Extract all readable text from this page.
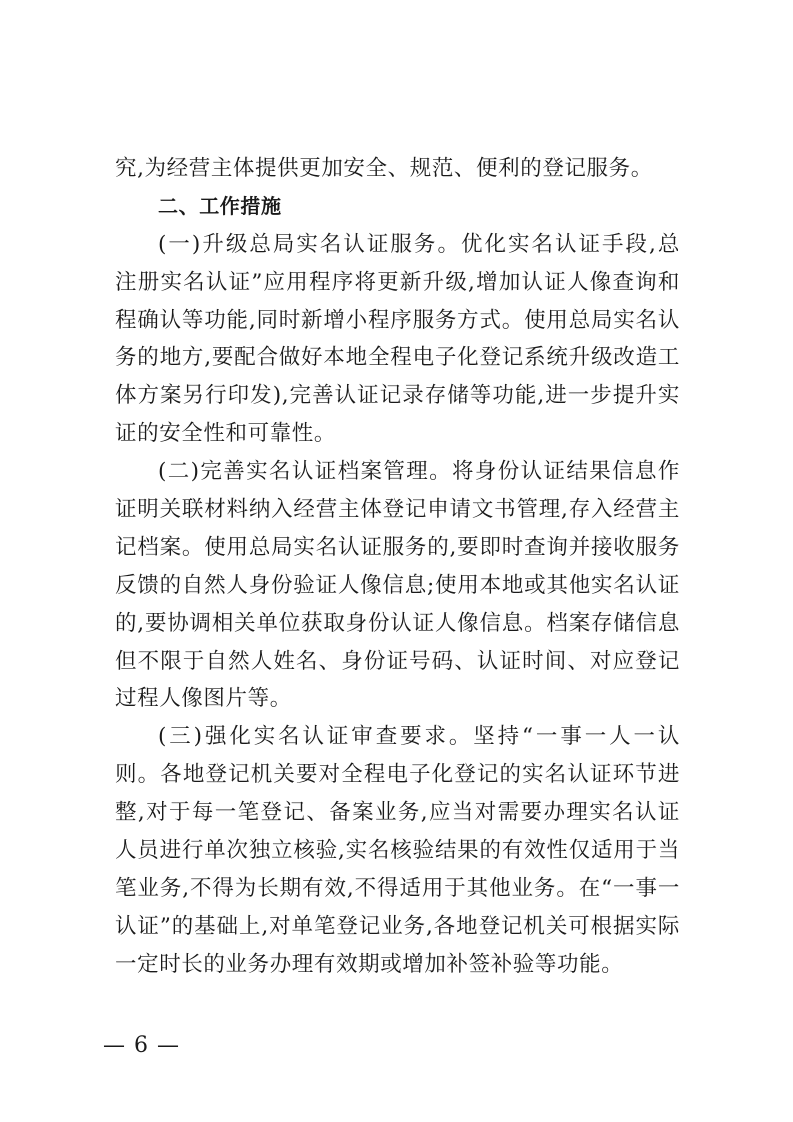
究,为经营主体提供更加安全、规范、便利的登记服务。
二、工作措施
(一)升级总局实名认证服务。优化实名认证手段,总
注册实名认证”应用程序将更新升级,增加认证人像查询和
程确认等功能,同时新增小程序服务方式。使用总局实名认
务的地方,要配合做好本地全程电子化登记系统升级改造工
体方案另行印发),完善认证记录存储等功能,进一步提升实
证的安全性和可靠性。
(二)完善实名认证档案管理。将身份认证结果信息作
证明关联材料纳入经营主体登记申请文书管理,存入经营主
记档案。使用总局实名认证服务的,要即时查询并接收服务
反馈的自然人身份验证人像信息;使用本地或其他实名认证
的,要协调相关单位获取身份认证人像信息。档案存储信息
但不限于自然人姓名、身份证号码、认证时间、对应登记
过程人像图片等。
(三)强化实名认证审查要求。坚持“一事一人一认
则。各地登记机关要对全程电子化登记的实名认证环节进
整,对于每一笔登记、备案业务,应当对需要办理实名认证
人员进行单次独立核验,实名核验结果的有效性仅适用于当
笔业务,不得为长期有效,不得适用于其他业务。在“一事一
认证”的基础上,对单笔登记业务,各地登记机关可根据实际
一定时长的业务办理有效期或增加补签补验等功能。
— 6 —
